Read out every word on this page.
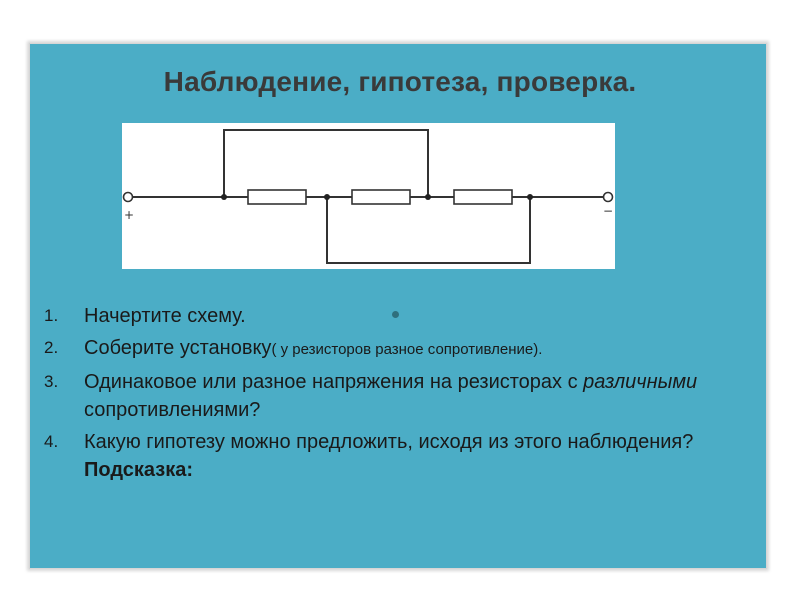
Наблюдение, гипотеза, проверка.
+	−
1. Начертите схему.
2. Соберите установку( у резисторов разное сопротивление).
3. Одинаковое или разное напряжения на резисторах с различными сопротивлениями?
4. Какую гипотезу можно предложить, исходя из этого наблюдения? Подсказка:
